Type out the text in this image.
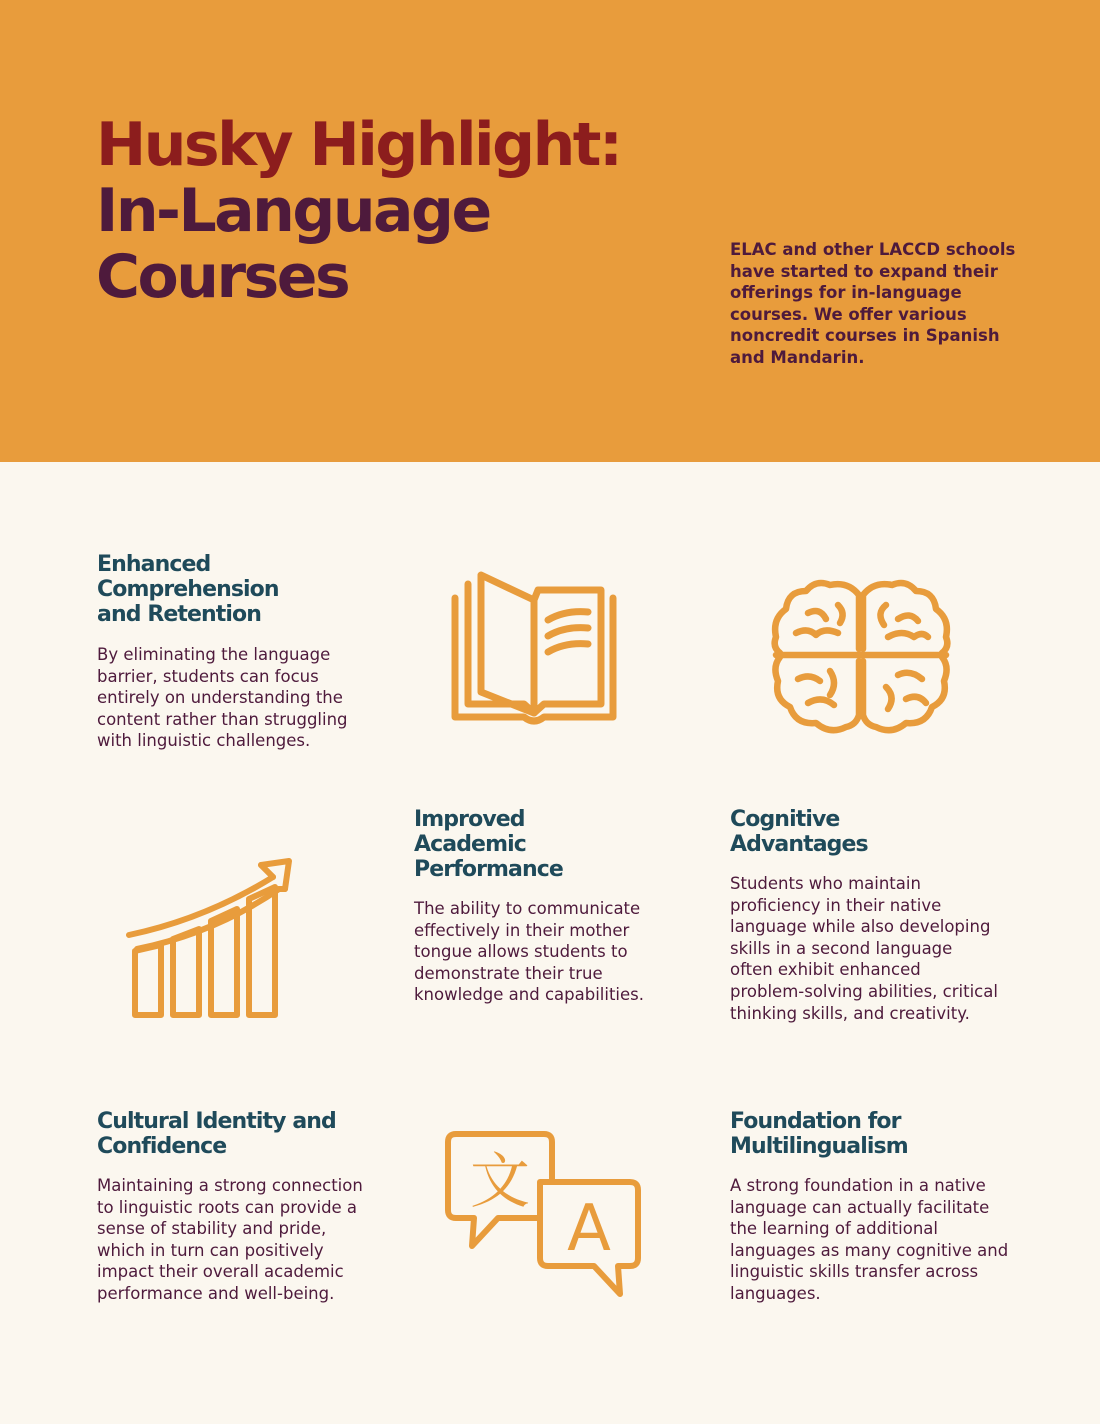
Husky Highlight:
In-Language
Courses	ELAC and other LACCD schools have started to expand their offerings for in-language courses. We offer various noncredit courses in Spanish and Mandarin.

Enhanced Comprehension and Retention

By eliminating the language barrier, students can focus entirely on understanding the content rather than struggling with linguistic challenges.

Improved Academic Performance

The ability to communicate effectively in their mother tongue allows students to demonstrate their true knowledge and capabilities.

Cognitive Advantages

Students who maintain proficiency in their native language while also developing skills in a second language often exhibit enhanced problem-solving abilities, critical thinking skills, and creativity.

Cultural Identity and Confidence

Maintaining a strong connection to linguistic roots can provide a sense of stability and pride, which in turn can positively impact their overall academic performance and well-being.

Foundation for Multilingualism

A strong foundation in a native language can actually facilitate the learning of additional languages as many cognitive and linguistic skills transfer across languages.

文
A
